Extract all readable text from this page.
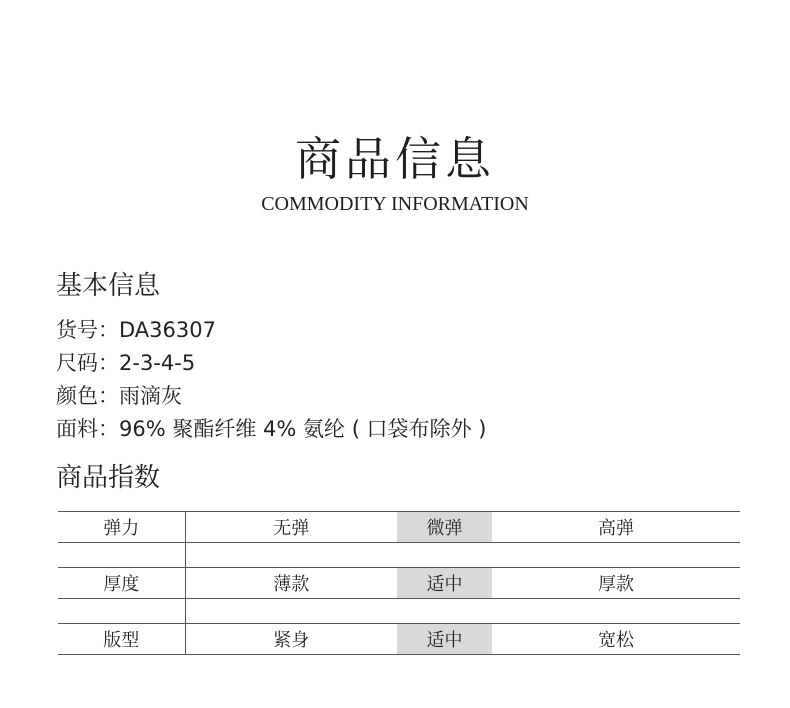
商品信息
COMMODITY INFORMATION
基本信息
货号：DA36307
尺码：2-3-4-5
颜色：雨滴灰
面料：96% 聚酯纤维 4% 氨纶 ( 口袋布除外 )
商品指数
弹力	无弹	微弹	高弹

厚度	薄款	适中	厚款

版型	紧身	适中	宽松
